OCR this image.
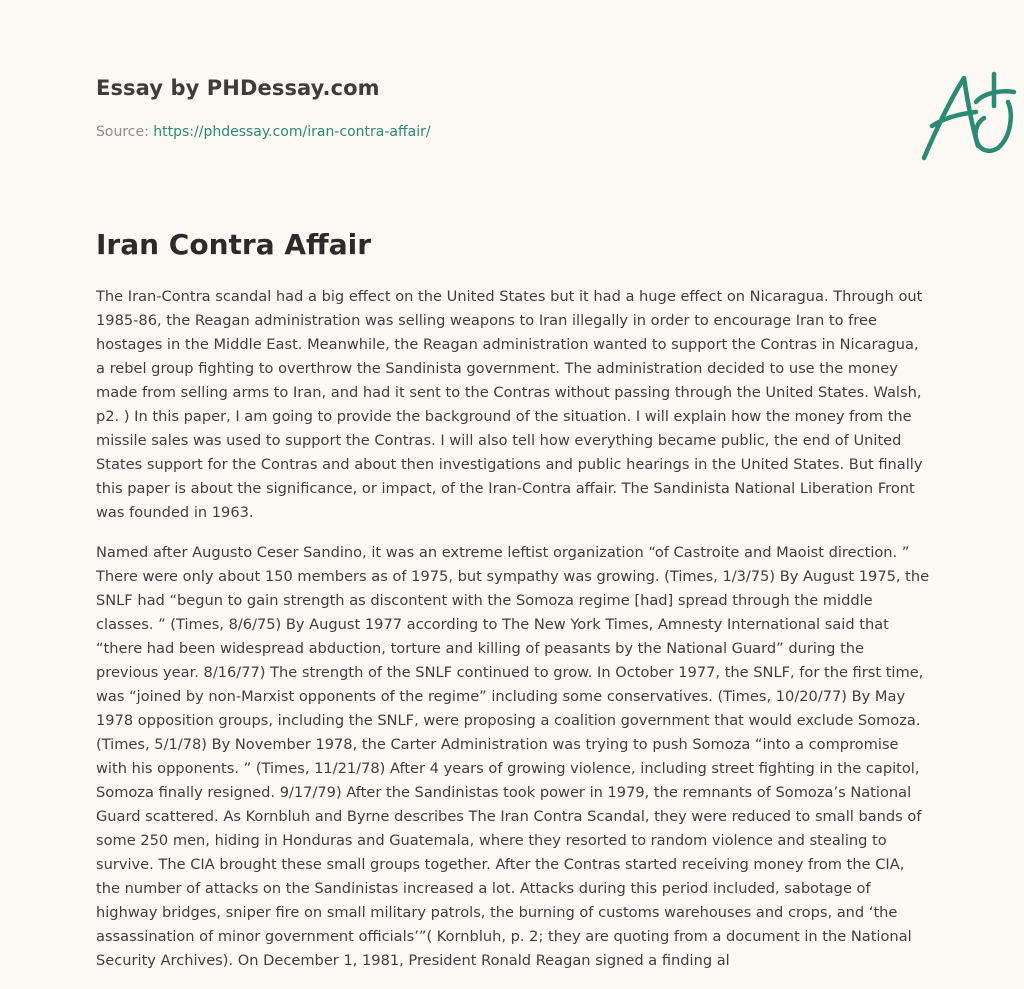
Essay by PHDessay.com
Source: https://phdessay.com/iran-contra-affair/
Iran Contra Affair

The Iran-Contra scandal had a big effect on the United States but it had a huge effect on Nicaragua. Through out 1985-86, the Reagan administration was selling weapons to Iran illegally in order to encourage Iran to free hostages in the Middle East. Meanwhile, the Reagan administration wanted to support the Contras in Nicaragua, a rebel group fighting to overthrow the Sandinista government. The administration decided to use the money made from selling arms to Iran, and had it sent to the Contras without passing through the United States. Walsh, p2. ) In this paper, I am going to provide the background of the situation. I will explain how the money from the missile sales was used to support the Contras. I will also tell how everything became public, the end of United States support for the Contras and about then investigations and public hearings in the United States. But finally this paper is about the significance, or impact, of the Iran-Contra affair. The Sandinista National Liberation Front was founded in 1963.

Named after Augusto Ceser Sandino, it was an extreme leftist organization “of Castroite and Maoist direction. ” There were only about 150 members as of 1975, but sympathy was growing. (Times, 1/3/75) By August 1975, the SNLF had “begun to gain strength as discontent with the Somoza regime [had] spread through the middle classes. ” (Times, 8/6/75) By August 1977 according to The New York Times, Amnesty International said that “there had been widespread abduction, torture and killing of peasants by the National Guard” during the previous year. 8/16/77) The strength of the SNLF continued to grow. In October 1977, the SNLF, for the first time, was “joined by non-Marxist opponents of the regime” including some conservatives. (Times, 10/20/77) By May 1978 opposition groups, including the SNLF, were proposing a coalition government that would exclude Somoza. (Times, 5/1/78) By November 1978, the Carter Administration was trying to push Somoza “into a compromise with his opponents. ” (Times, 11/21/78) After 4 years of growing violence, including street fighting in the capitol, Somoza finally resigned. 9/17/79) After the Sandinistas took power in 1979, the remnants of Somoza’s National Guard scattered. As Kornbluh and Byrne describes The Iran Contra Scandal, they were reduced to small bands of some 250 men, hiding in Honduras and Guatemala, where they resorted to random violence and stealing to survive. The CIA brought these small groups together. After the Contras started receiving money from the CIA, the number of attacks on the Sandinistas increased a lot. Attacks during this period included, sabotage of highway bridges, sniper fire on small military patrols, the burning of customs warehouses and crops, and ‘the assassination of minor government officials’”( Kornbluh, p. 2; they are quoting from a document in the National Security Archives). On December 1, 1981, President Ronald Reagan signed a finding al
